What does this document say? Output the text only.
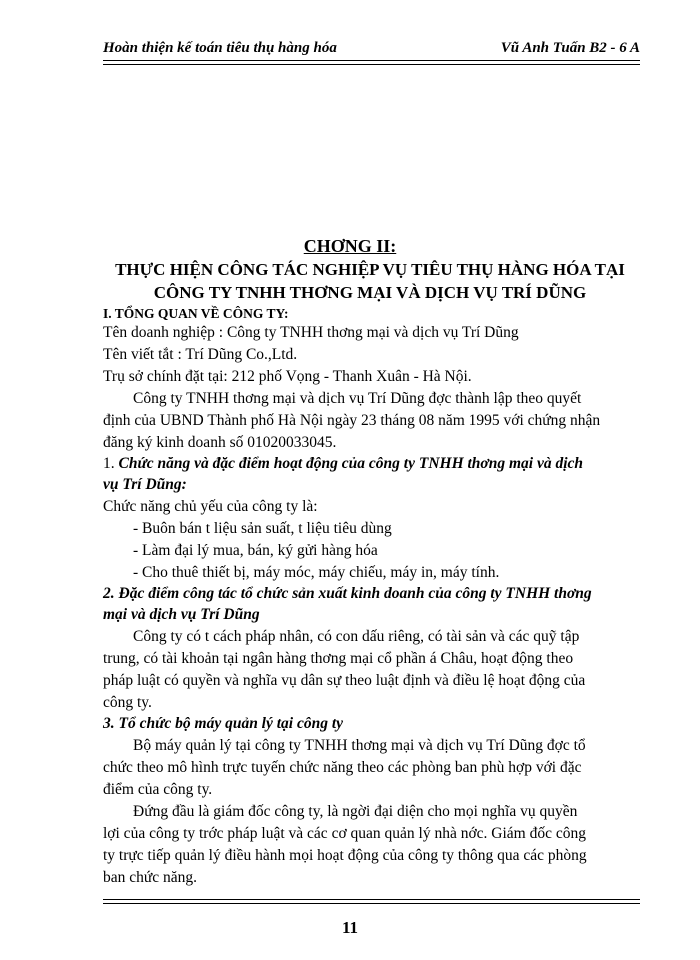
Hoàn thiện kế toán tiêu thụ hàng hóa	Vũ Anh Tuấn B2 - 6 A
CHƠNG II:
THỰC HIỆN CÔNG TÁC NGHIỆP VỤ TIÊU THỤ HÀNG HÓA TẠI
CÔNG TY TNHH THƠNG MẠI VÀ DỊCH VỤ TRÍ DŨNG
I. TỔNG QUAN VỀ CÔNG TY:
Tên doanh nghiệp : Công ty TNHH thơng mại và dịch vụ Trí Dũng
Tên viết tắt : Trí Dũng Co.,Ltd.
Trụ sở chính đặt tại: 212 phố Vọng - Thanh Xuân - Hà Nội.
Công ty TNHH thơng mại và dịch vụ Trí Dũng đợc thành lập theo quyết
định của UBND Thành phố Hà Nội ngày 23 tháng 08 năm 1995 với chứng nhận
đăng ký kinh doanh số 01020033045.
1. Chức năng và đặc điểm hoạt động của công ty TNHH thơng mại và dịch
vụ Trí Dũng:
Chức năng chủ yếu của công ty là:
- Buôn bán t liệu sản suất, t liệu tiêu dùng
- Làm đại lý mua, bán, ký gửi hàng hóa
- Cho thuê thiết bị, máy móc, máy chiếu, máy in, máy tính.
2. Đặc điểm công tác tổ chức sản xuất kinh doanh của công ty TNHH thơng
mại và dịch vụ Trí Dũng
Công ty có t cách pháp nhân, có con dấu riêng, có tài sản và các quỹ tập
trung, có tài khoản tại ngân hàng thơng mại cổ phần á Châu, hoạt động theo
pháp luật có quyền và nghĩa vụ dân sự theo luật định và điều lệ hoạt động của
công ty.
3. Tổ chức bộ máy quản lý tại công ty
Bộ máy quản lý tại công ty TNHH thơng mại và dịch vụ Trí Dũng đợc tổ
chức theo mô hình trực tuyến chức năng theo các phòng ban phù hợp với đặc
điểm của công ty.
Đứng đầu là giám đốc công ty, là ngời đại diện cho mọi nghĩa vụ quyền
lợi của công ty trớc pháp luật và các cơ quan quản lý nhà nớc. Giám đốc công
ty trực tiếp quản lý điều hành mọi hoạt động của công ty thông qua các phòng
ban chức năng.
11
